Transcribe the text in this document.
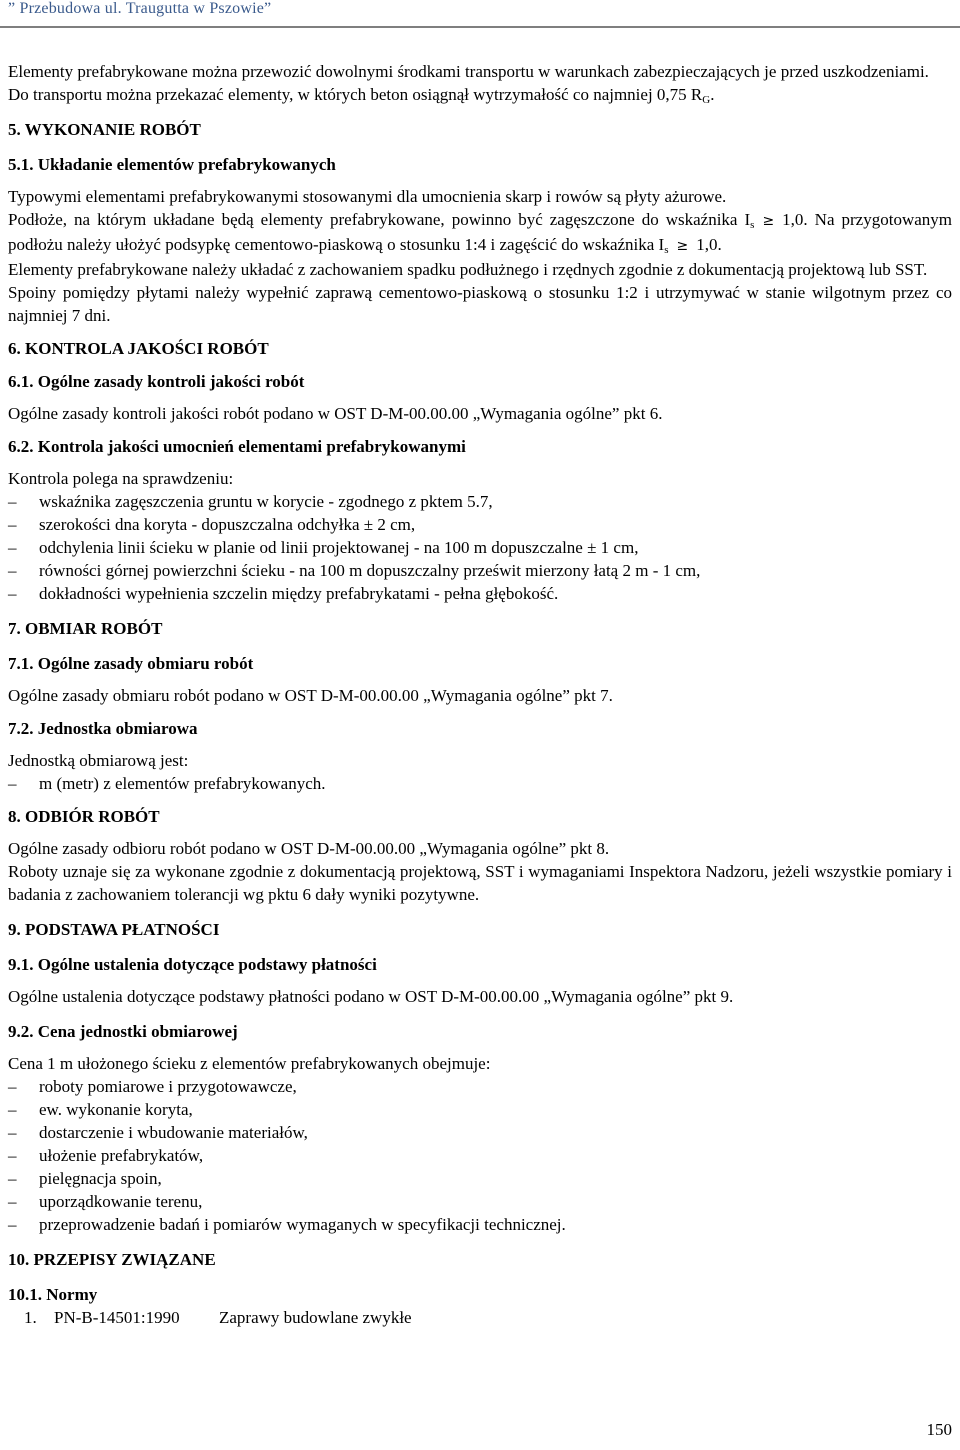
” Przebudowa ul. Traugutta w Pszowie”

Elementy prefabrykowane można przewozić dowolnymi środkami transportu w warunkach zabezpieczających je przed uszkodzeniami.

Do transportu można przekazać elementy, w których beton osiągnął wytrzymałość co najmniej 0,75 $R_G$.

5. WYKONANIE ROBÓT

5.1. Układanie elementów prefabrykowanych

Typowymi elementami prefabrykowanymi stosowanymi dla umocnienia skarp i rowów są płyty ażurowe.

Podłoże, na którym układane będą elementy prefabrykowane, powinno być zagęszczone do wskaźnika $I_s \ge 1,0$. Na przygotowanym podłożu należy ułożyć podsypkę cementowo-piaskową o stosunku 1:4 i zagęścić do wskaźnika $I_s \ge 1,0$.

Elementy prefabrykowane należy układać z zachowaniem spadku podłużnego i rzędnych zgodnie z dokumentacją projektową lub SST.

Spoiny pomiędzy płytami należy wypełnić zaprawą cementowo-piaskową o stosunku 1:2 i utrzymywać w stanie wilgotnym przez co najmniej 7 dni.

6. KONTROLA JAKOŚCI ROBÓT

6.1. Ogólne zasady kontroli jakości robót

Ogólne zasady kontroli jakości robót podano w OST D-M-00.00.00 „Wymagania ogólne” pkt 6.

6.2. Kontrola jakości umocnień elementami prefabrykowanymi

Kontrola polega na sprawdzeniu:

– wskaźnika zagęszczenia gruntu w korycie - zgodnego z pktem 5.7,
– szerokości dna koryta - dopuszczalna odchyłka ± 2 cm,
– odchylenia linii ścieku w planie od linii projektowanej - na 100 m dopuszczalne ± 1 cm,
– równości górnej powierzchni ścieku - na 100 m dopuszczalny prześwit mierzony łatą 2 m - 1 cm,
– dokładności wypełnienia szczelin między prefabrykatami - pełna głębokość.

7. OBMIAR ROBÓT

7.1. Ogólne zasady obmiaru robót

Ogólne zasady obmiaru robót podano w OST D-M-00.00.00 „Wymagania ogólne” pkt 7.

7.2. Jednostka obmiarowa

Jednostką obmiarową jest:

– m (metr) z elementów prefabrykowanych.

8. ODBIÓR ROBÓT

Ogólne zasady odbioru robót podano w OST D-M-00.00.00 „Wymagania ogólne” pkt 8.

Roboty uznaje się za wykonane zgodnie z dokumentacją projektową, SST i wymaganiami Inspektora Nadzoru, jeżeli wszystkie pomiary i badania z zachowaniem tolerancji wg pktu 6 dały wyniki pozytywne.

9. PODSTAWA PŁATNOŚCI

9.1. Ogólne ustalenia dotyczące podstawy płatności

Ogólne ustalenia dotyczące podstawy płatności podano w OST D-M-00.00.00 „Wymagania ogólne” pkt 9.

9.2. Cena jednostki obmiarowej

Cena 1 m ułożonego ścieku z elementów prefabrykowanych obejmuje:

– roboty pomiarowe i przygotowawcze,
– ew. wykonanie koryta,
– dostarczenie i wbudowanie materiałów,
– ułożenie prefabrykatów,
– pielęgnacja spoin,
– uporządkowanie terenu,
– przeprowadzenie badań i pomiarów wymaganych w specyfikacji technicznej.

10. PRZEPISY ZWIĄZANE

10.1. Normy

1. PN-B-14501:1990 Zaprawy budowlane zwykłe
150
